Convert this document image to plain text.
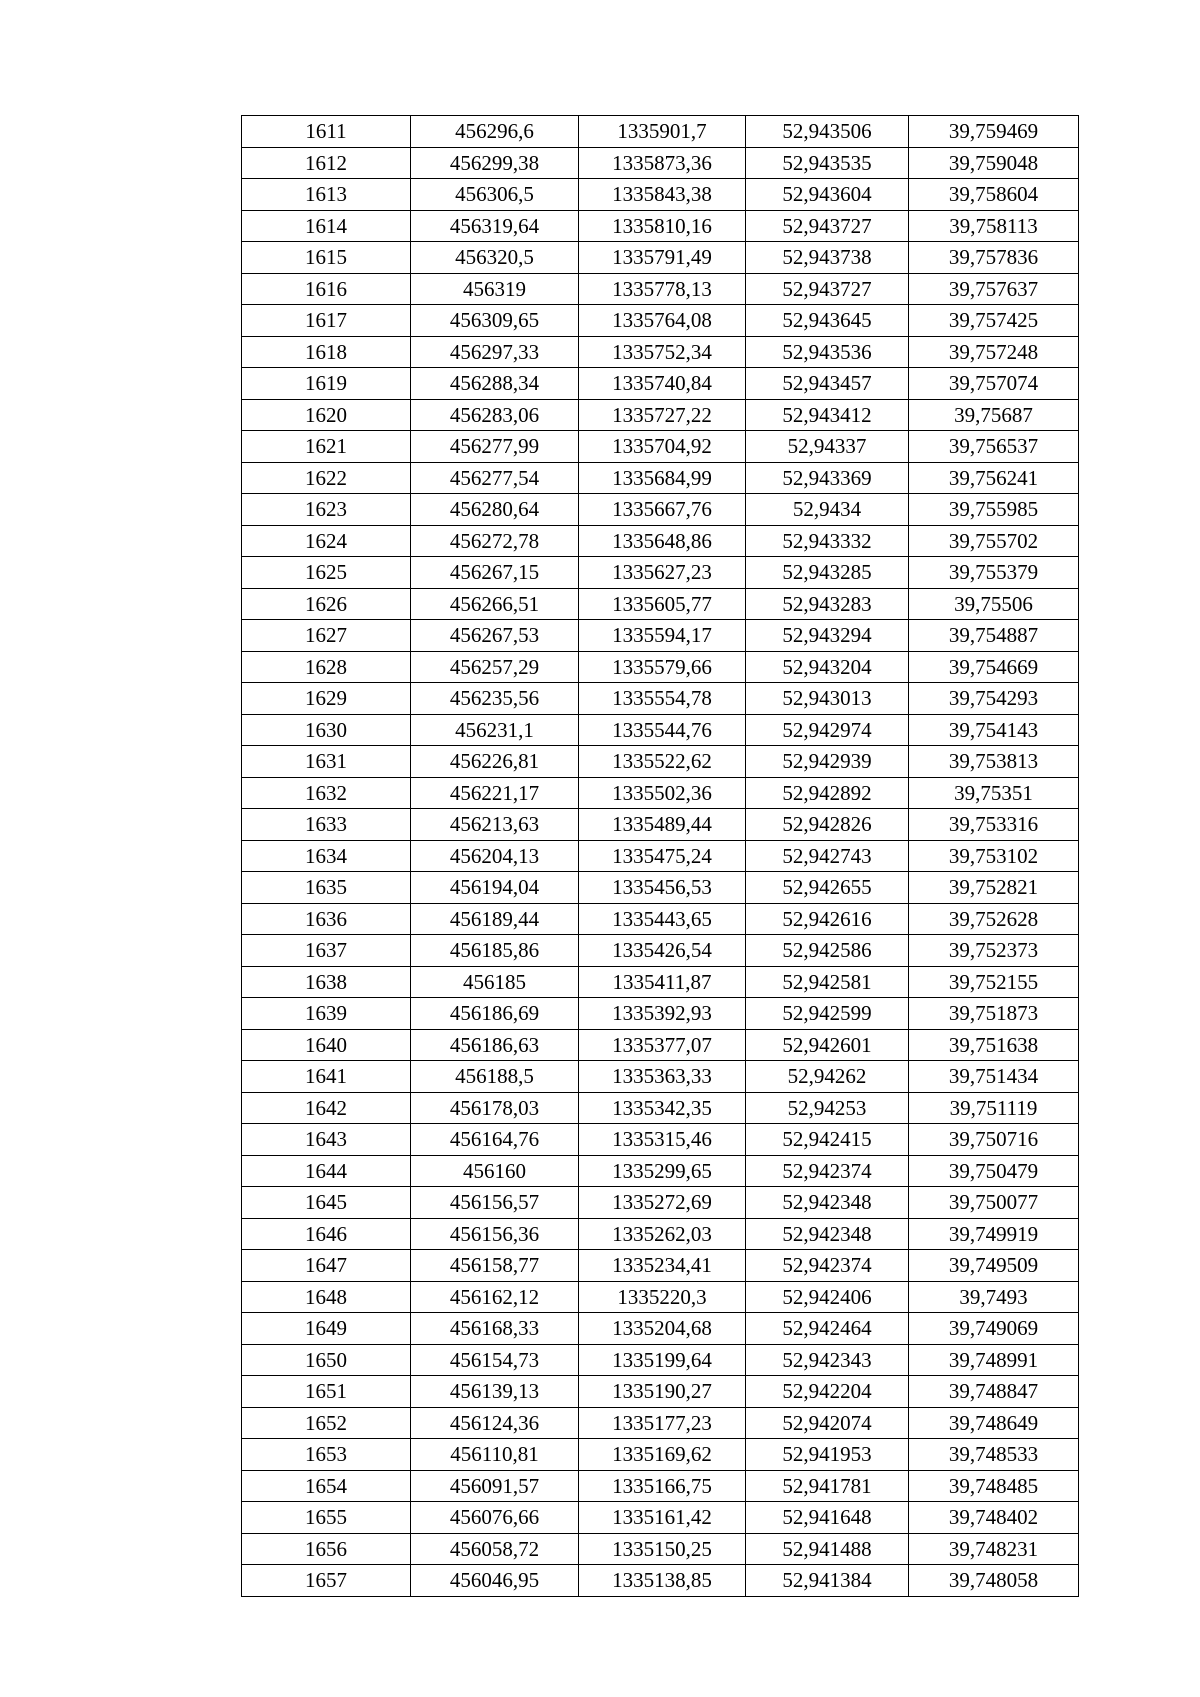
1611	456296,6	1335901,7	52,943506	39,759469
1612	456299,38	1335873,36	52,943535	39,759048
1613	456306,5	1335843,38	52,943604	39,758604
1614	456319,64	1335810,16	52,943727	39,758113
1615	456320,5	1335791,49	52,943738	39,757836
1616	456319	1335778,13	52,943727	39,757637
1617	456309,65	1335764,08	52,943645	39,757425
1618	456297,33	1335752,34	52,943536	39,757248
1619	456288,34	1335740,84	52,943457	39,757074
1620	456283,06	1335727,22	52,943412	39,75687
1621	456277,99	1335704,92	52,94337	39,756537
1622	456277,54	1335684,99	52,943369	39,756241
1623	456280,64	1335667,76	52,9434	39,755985
1624	456272,78	1335648,86	52,943332	39,755702
1625	456267,15	1335627,23	52,943285	39,755379
1626	456266,51	1335605,77	52,943283	39,75506
1627	456267,53	1335594,17	52,943294	39,754887
1628	456257,29	1335579,66	52,943204	39,754669
1629	456235,56	1335554,78	52,943013	39,754293
1630	456231,1	1335544,76	52,942974	39,754143
1631	456226,81	1335522,62	52,942939	39,753813
1632	456221,17	1335502,36	52,942892	39,75351
1633	456213,63	1335489,44	52,942826	39,753316
1634	456204,13	1335475,24	52,942743	39,753102
1635	456194,04	1335456,53	52,942655	39,752821
1636	456189,44	1335443,65	52,942616	39,752628
1637	456185,86	1335426,54	52,942586	39,752373
1638	456185	1335411,87	52,942581	39,752155
1639	456186,69	1335392,93	52,942599	39,751873
1640	456186,63	1335377,07	52,942601	39,751638
1641	456188,5	1335363,33	52,94262	39,751434
1642	456178,03	1335342,35	52,94253	39,751119
1643	456164,76	1335315,46	52,942415	39,750716
1644	456160	1335299,65	52,942374	39,750479
1645	456156,57	1335272,69	52,942348	39,750077
1646	456156,36	1335262,03	52,942348	39,749919
1647	456158,77	1335234,41	52,942374	39,749509
1648	456162,12	1335220,3	52,942406	39,7493
1649	456168,33	1335204,68	52,942464	39,749069
1650	456154,73	1335199,64	52,942343	39,748991
1651	456139,13	1335190,27	52,942204	39,748847
1652	456124,36	1335177,23	52,942074	39,748649
1653	456110,81	1335169,62	52,941953	39,748533
1654	456091,57	1335166,75	52,941781	39,748485
1655	456076,66	1335161,42	52,941648	39,748402
1656	456058,72	1335150,25	52,941488	39,748231
1657	456046,95	1335138,85	52,941384	39,748058
